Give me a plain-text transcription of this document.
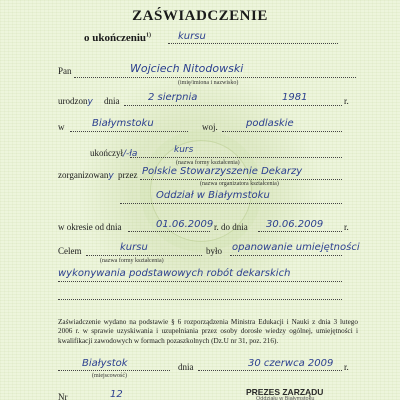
ZAŚWIADCZENIE
o ukończeniu$^{1)}$	kursu
Pan	Wojciech Nitodowski
(imię/imiona i nazwisko)
urodzony dnia	2 sierpnia	1981	r.
w	Białymstoku	woj.	podlaskie
ukończył/-ła	kurs
(nazwa formy kształcenia)
zorganizowany przez Polskie Stowarzyszenie Dekarzy
(nazwa organizatora kształcenia)
Oddział w Białymstoku
w okresie od dnia	01.06.2009 r. do dnia 30.06.2009 r.
Celem	kursu
(nazwa formy kształcenia)
było opanowanie umiejętności
wykonywania podstawowych robót dekarskich
Zaświadczenie wydano na podstawie § 6 rozporządzenia Ministra Edukacji i Nauki z dnia 3 lutego 2006 r. w sprawie uzyskiwania i uzupełniania przez osoby dorosłe wiedzy ogólnej, umiejętności i kwalifikacji zawodowych w formach pozaszkolnych (Dz.U nr 31, poz. 216).
Białystok
(miejscowość)
dnia	30 czerwca 2009 r.
Nr	12	PREZES ZARZĄDU
Oddziału w Białymstoku
